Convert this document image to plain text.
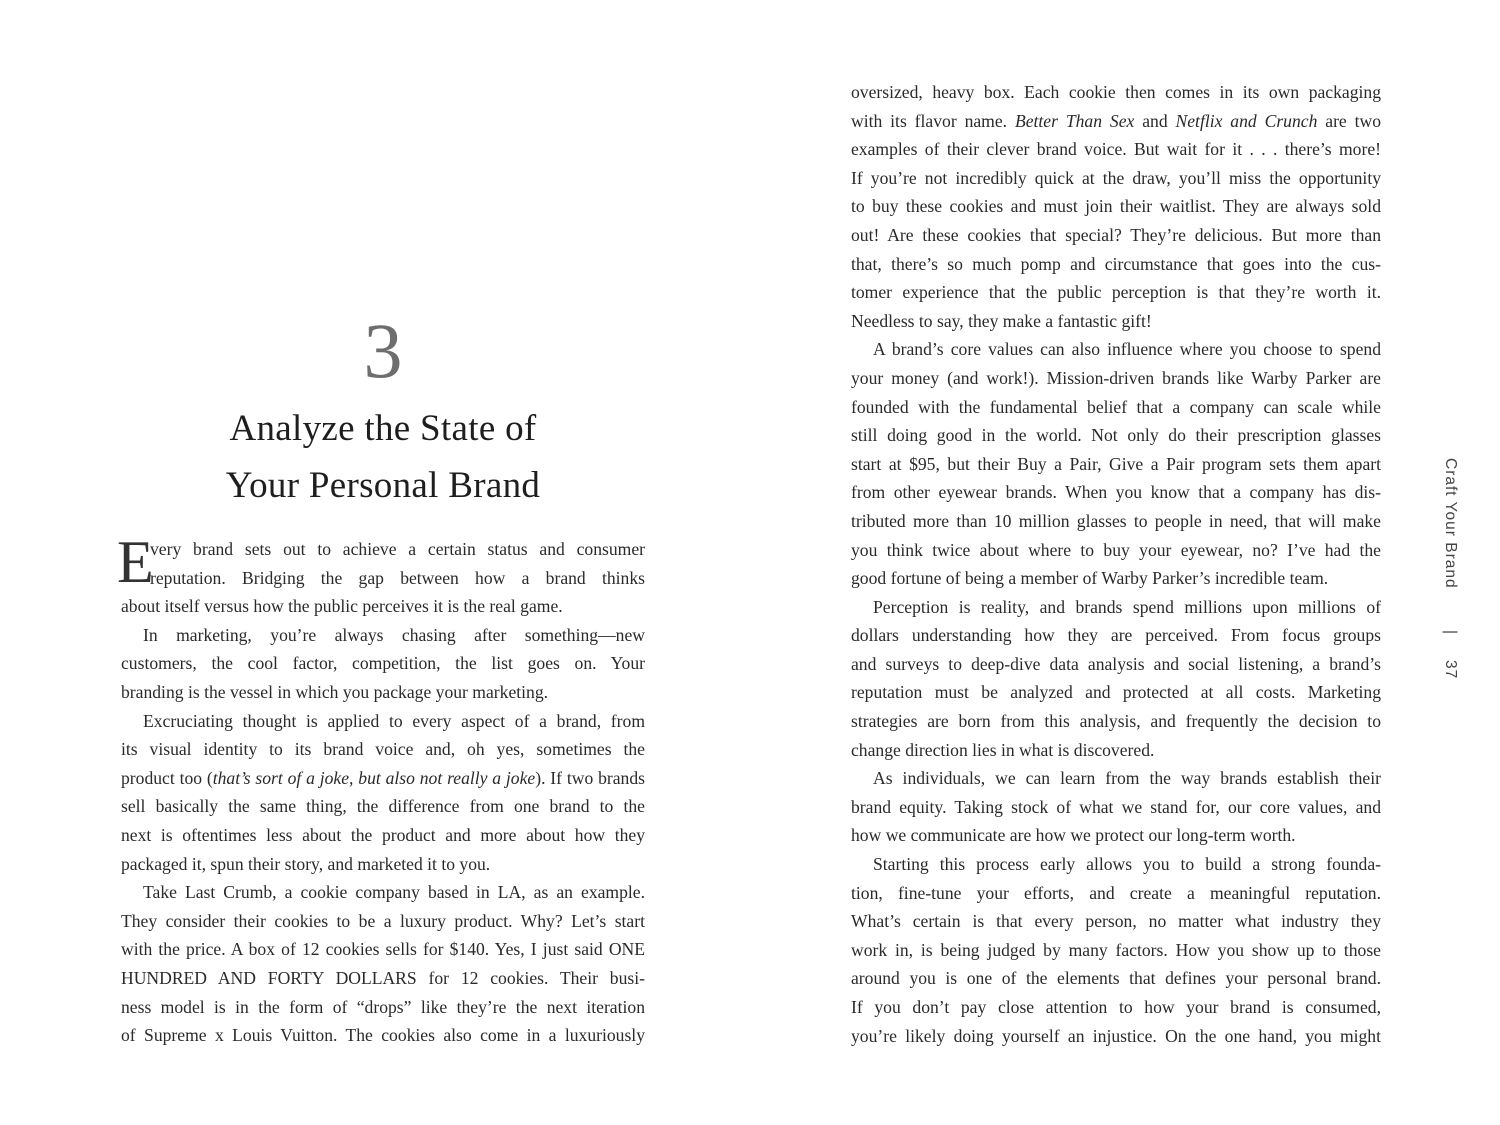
3
Analyze the State of
Your Personal Brand
E
very brand sets out to achieve a certain status and consumer
reputation. Bridging the gap between how a brand thinks
about itself versus how the public perceives it is the real game.
In marketing, you’re always chasing after something—new
customers, the cool factor, competition, the list goes on. Your
branding is the vessel in which you package your marketing.
Excruciating thought is applied to every aspect of a brand, from
its visual identity to its brand voice and, oh yes, sometimes the
product too (that’s sort of a joke, but also not really a joke). If two brands
sell basically the same thing, the difference from one brand to the
next is oftentimes less about the product and more about how they
packaged it, spun their story, and marketed it to you.
Take Last Crumb, a cookie company based in LA, as an example.
They consider their cookies to be a luxury product. Why? Let’s start
with the price. A box of 12 cookies sells for $140. Yes, I just said ONE
HUNDRED AND FORTY DOLLARS for 12 cookies. Their busi-
ness model is in the form of “drops” like they’re the next iteration
of Supreme x Louis Vuitton. The cookies also come in a luxuriously
oversized, heavy box. Each cookie then comes in its own packaging
with its flavor name. Better Than Sex and Netflix and Crunch are two
examples of their clever brand voice. But wait for it . . . there’s more!
If you’re not incredibly quick at the draw, you’ll miss the opportunity
to buy these cookies and must join their waitlist. They are always sold
out! Are these cookies that special? They’re delicious. But more than
that, there’s so much pomp and circumstance that goes into the cus-
tomer experience that the public perception is that they’re worth it.
Needless to say, they make a fantastic gift!
A brand’s core values can also influence where you choose to spend
your money (and work!). Mission-driven brands like Warby Parker are
founded with the fundamental belief that a company can scale while
still doing good in the world. Not only do their prescription glasses
start at $95, but their Buy a Pair, Give a Pair program sets them apart
from other eyewear brands. When you know that a company has dis-
tributed more than 10 million glasses to people in need, that will make
you think twice about where to buy your eyewear, no? I’ve had the
good fortune of being a member of Warby Parker’s incredible team.
Perception is reality, and brands spend millions upon millions of
dollars understanding how they are perceived. From focus groups
and surveys to deep-dive data analysis and social listening, a brand’s
reputation must be analyzed and protected at all costs. Marketing
strategies are born from this analysis, and frequently the decision to
change direction lies in what is discovered.
As individuals, we can learn from the way brands establish their
brand equity. Taking stock of what we stand for, our core values, and
how we communicate are how we protect our long-term worth.
Starting this process early allows you to build a strong founda-
tion, fine-tune your efforts, and create a meaningful reputation.
What’s certain is that every person, no matter what industry they
work in, is being judged by many factors. How you show up to those
around you is one of the elements that defines your personal brand.
If you don’t pay close attention to how your brand is consumed,
you’re likely doing yourself an injustice. On the one hand, you might
Craft Your Brand
|
37
